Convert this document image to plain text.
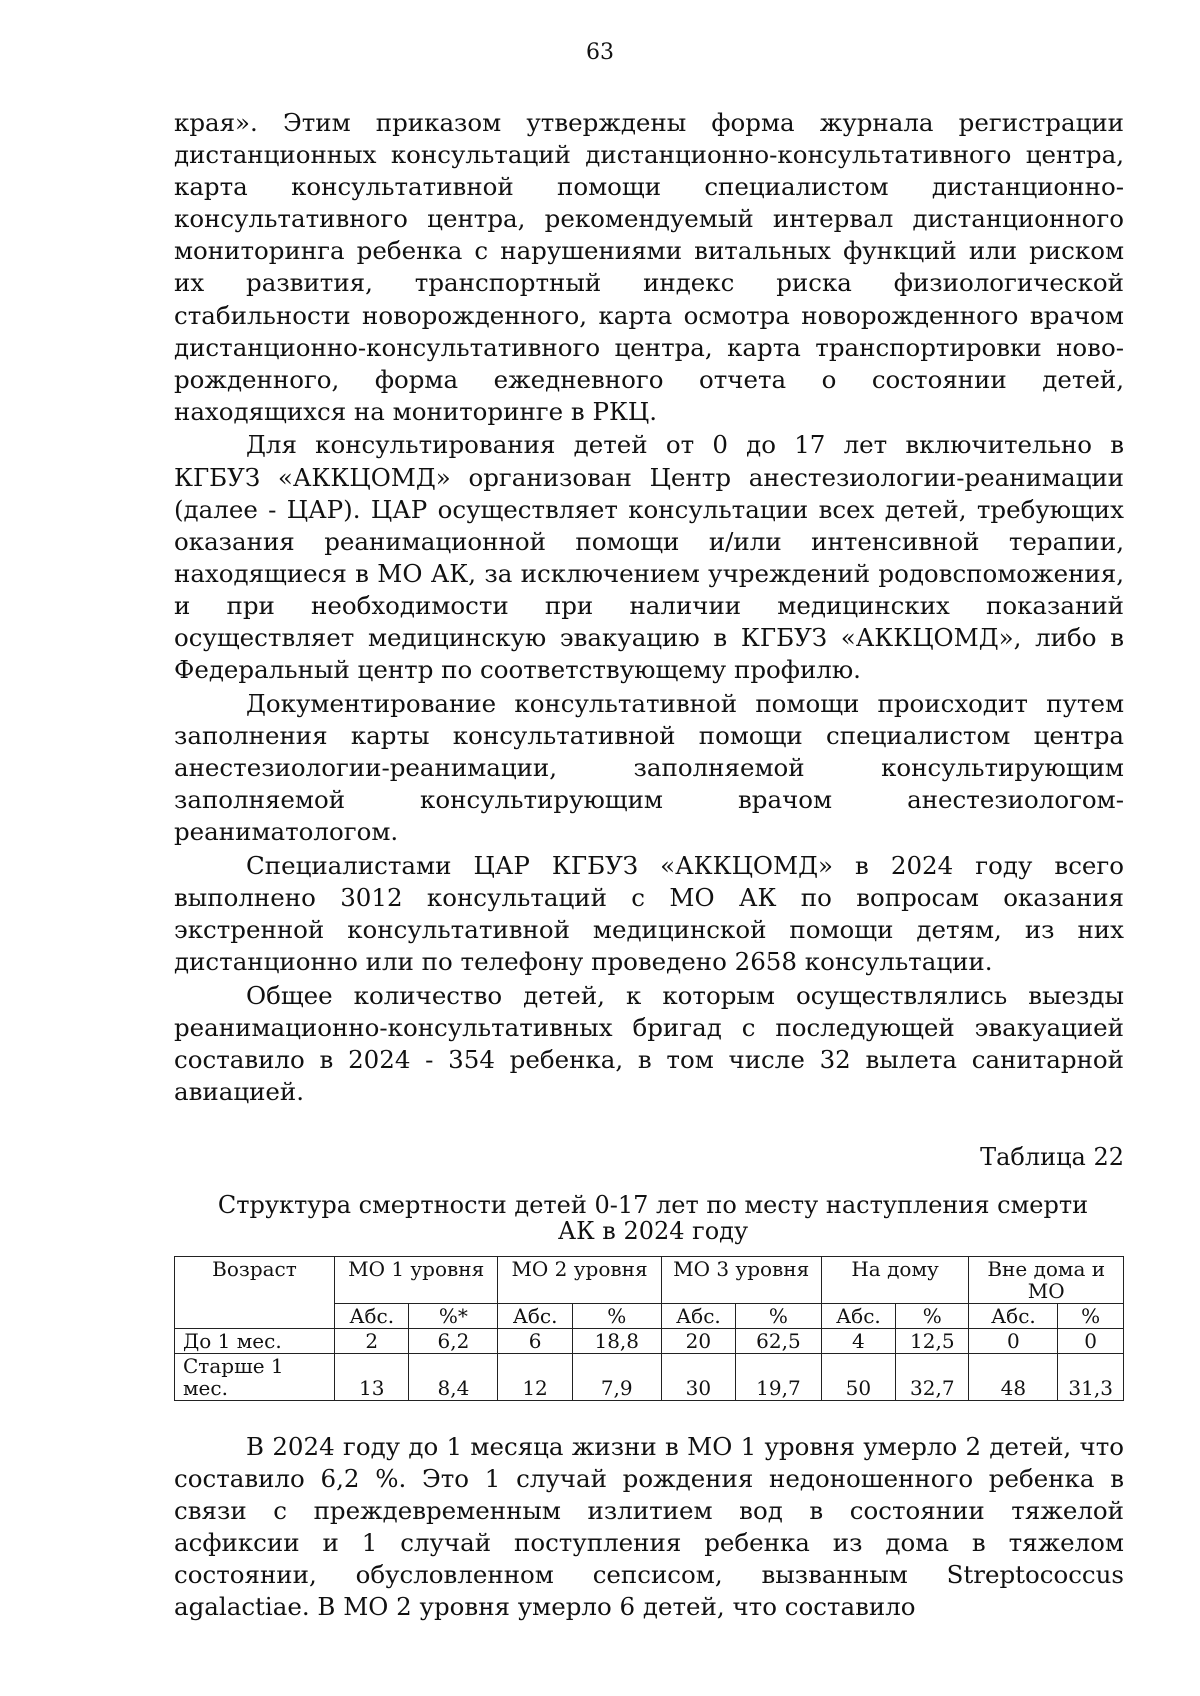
63

края». Этим приказом утверждены форма журнала регистрации дистанционных консультаций дистанционно-консультативного центра, карта консультативной помощи специалистом дистанционно-консультативного центра, рекомендуемый интервал дистанционного мониторинга ребенка с нарушениями витальных функций или риском их развития, транспортный индекс риска физиологической стабильности новорожденного, карта осмотра новорожденного врачом дистанционно-консультативного центра, карта транспортировки новорожденного, форма ежедневного отчета о состоянии детей, находящихся на мониторинге в РКЦ.

Для консультирования детей от 0 до 17 лет включительно в КГБУЗ «АККЦОМД» организован Центр анестезиологии-реанимации (далее - ЦАР). ЦАР осуществляет консультации всех детей, требующих оказания реанимационной помощи и/или интенсивной терапии, находящиеся в МО АК, за исключением учреждений родовспоможения, и при необходимости при наличии медицинских показаний осуществляет медицинскую эвакуацию в КГБУЗ «АККЦОМД», либо в Федеральный центр по соответствующему профилю.

Документирование консультативной помощи происходит путем заполнения карты консультативной помощи специалистом центра анестезиологии-реанимации, заполняемой консультирующим заполняемой консультирующим врачом анестезиологом-реаниматологом.

Специалистами ЦАР КГБУЗ «АККЦОМД» в 2024 году всего выполнено 3012 консультаций с МО АК по вопросам оказания экстренной консультативной медицинской помощи детям, из них дистанционно или по телефону проведено 2658 консультации.

Общее количество детей, к которым осуществлялись выезды реанимационно-консультативных бригад с последующей эвакуацией составило в 2024 - 354 ребенка, в том числе 32 вылета санитарной авиацией.

Таблица 22
Структура смертности детей 0-17 лет по месту наступления смерти
АК в 2024 году
Возраст	МО 1 уровня		МО 2 уровня		МО 3 уровня		На дому		Вне дома и МО	
	Абс.	%*	Абс.	%	Абс.	%	Абс.	%	Абс.	%
До 1 мес.	2	6,2	6	18,8	20	62,5	4	12,5	0	0
Старше 1 мес.	13	8,4	12	7,9	30	19,7	50	32,7	48	31,3

В 2024 году до 1 месяца жизни в МО 1 уровня умерло 2 детей, что составило 6,2 %. Это 1 случай рождения недоношенного ребенка в связи с преждевременным излитием вод в состоянии тяжелой асфиксии и 1 случай поступления ребенка из дома в тяжелом состоянии, обусловленном сепсисом, вызванным Streptococcus agalactiae. В МО 2 уровня умерло 6 детей, что составило
